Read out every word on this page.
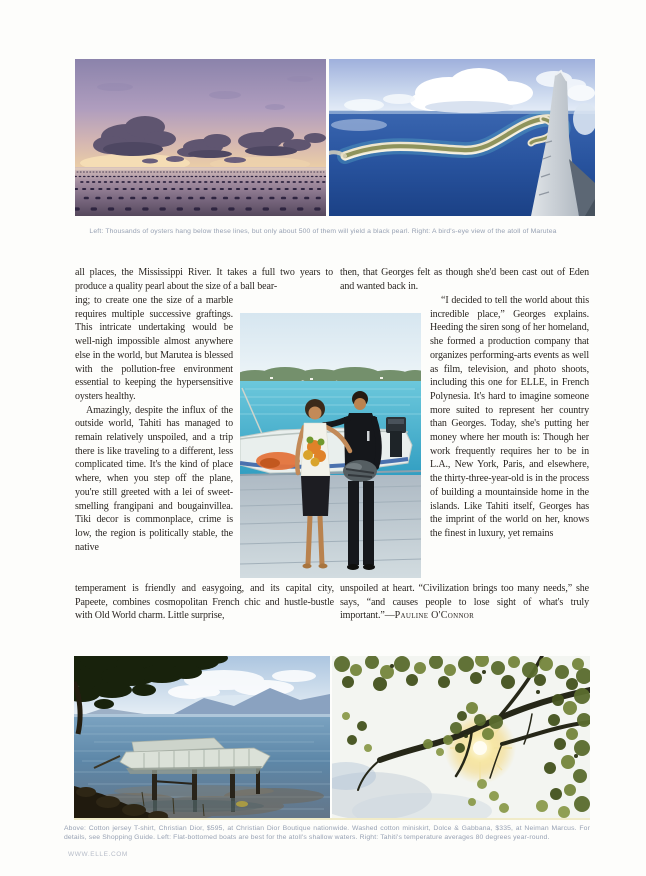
Left: Thousands of oysters hang below these lines, but only about 500 of them will yield a black pearl. Right: A bird's-eye view of the atoll of Marutea
all places, the Mississippi River. It takes a full two years to produce a quality pearl about the size of a ball bear-
ing; to create one the size of a marble requires multiple successive graftings. This intricate undertaking would be well-nigh impossible almost anywhere else in the world, but Marutea is blessed with the pollution-free environment essential to keeping the hypersensitive oysters healthy.
Amazingly, despite the influx of the outside world, Tahiti has managed to remain relatively unspoiled, and a trip there is like traveling to a different, less complicated time. It's the kind of place where, when you step off the plane, you're still greeted with a lei of sweet-smelling frangipani and bougainvillea. Tiki decor is commonplace, crime is low, the region is politically stable, the native
temperament is friendly and easygoing, and its capital city, Papeete, combines cosmopolitan French chic and hustle-bustle with Old World charm. Little surprise,
then, that Georges felt as though she'd been cast out of Eden and wanted back in.
“I decided to tell the world about this incredible place,” Georges explains. Heeding the siren song of her homeland, she formed a production company that organizes performing-arts events as well as film, television, and photo shoots, including this one for ELLE, in French Polynesia. It's hard to imagine someone more suited to represent her country than Georges. Today, she's putting her money where her mouth is: Though her work frequently requires her to be in L.A., New York, Paris, and elsewhere, the thirty-three-year-old is in the process of building a mountainside home in the islands. Like Tahiti itself, Georges has the imprint of the world on her, knows the finest in luxury, yet remains
unspoiled at heart. “Civilization brings too many needs,” she says, “and causes people to lose sight of what's truly important.”—Pauline O'Connor
Above: Cotton jersey T-shirt, Christian Dior, $595, at Christian Dior Boutique nationwide. Washed cotton miniskirt, Dolce & Gabbana, $335, at Neiman Marcus. For details, see Shopping Guide. Left: Flat-bottomed boats are best for the atoll's shallow waters. Right: Tahiti's temperature averages 80 degrees year-round.
WWW.ELLE.COM
